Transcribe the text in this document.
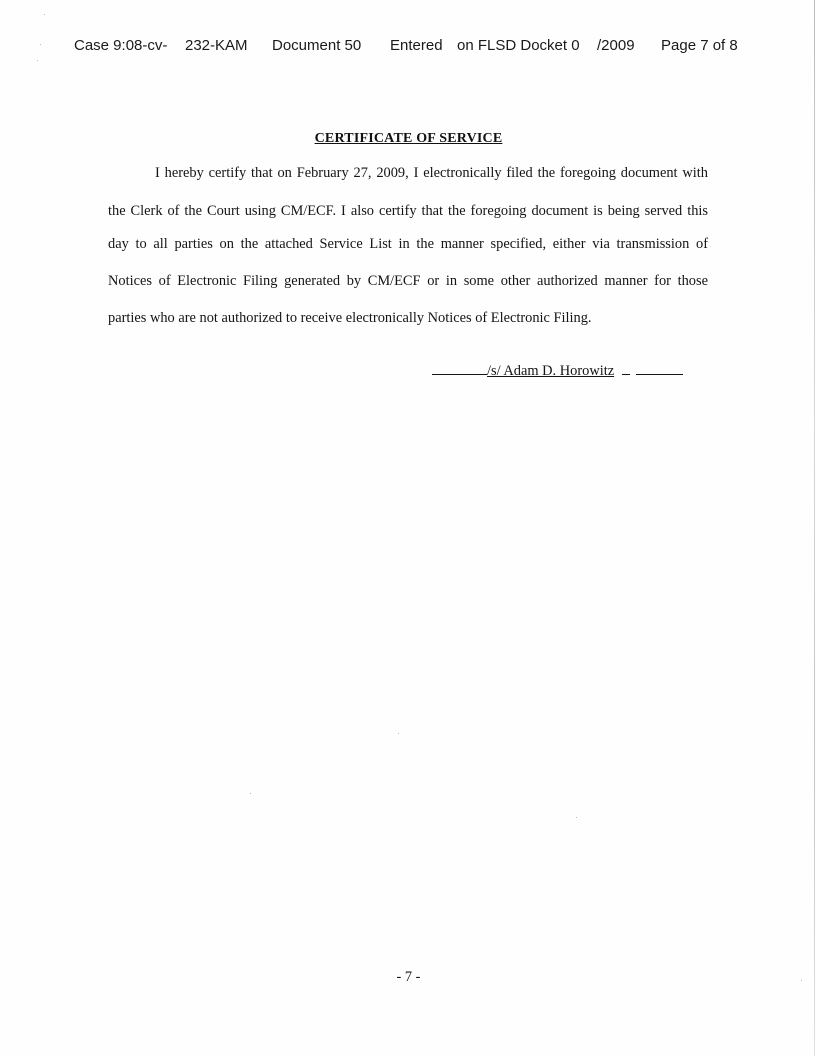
Case 9:08-cv- 232-KAM Document 50 Entered on FLSD Docket 0 /2009 Page 7 of 8
CERTIFICATE OF SERVICE
I hereby certify that on February 27, 2009, I electronically filed the foregoing document with
the Clerk of the Court using CM/ECF. I also certify that the foregoing document is being served this
day to all parties on the attached Service List in the manner specified, either via transmission of
Notices of Electronic Filing generated by CM/ECF or in some other authorized manner for those
parties who are not authorized to receive electronically Notices of Electronic Filing.
/s/ Adam D. Horowitz
- 7 -
